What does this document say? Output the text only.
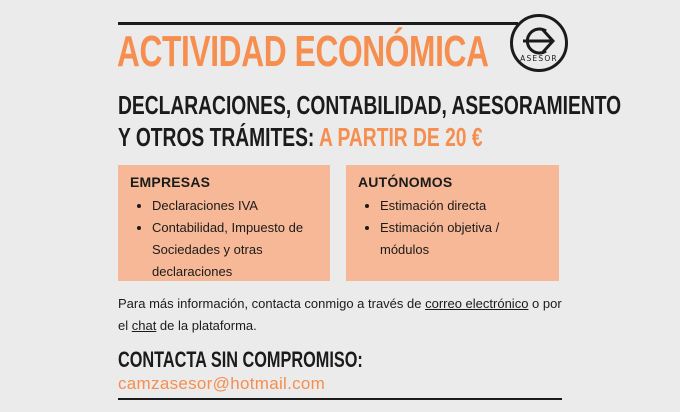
ASESOR
ACTIVIDAD ECONÓMICA
DECLARACIONES, CONTABILIDAD, ASESORAMIENTO
Y OTROS TRÁMITES: A PARTIR DE 20 €
EMPRESAS
• Declaraciones IVA
• Contabilidad, Impuesto de Sociedades y otras declaraciones
AUTÓNOMOS
• Estimación directa
• Estimación objetiva / módulos
Para más información, contacta conmigo a través de correo electrónico o por el chat de la plataforma.
CONTACTA SIN COMPROMISO:
camzasesor@hotmail.com
